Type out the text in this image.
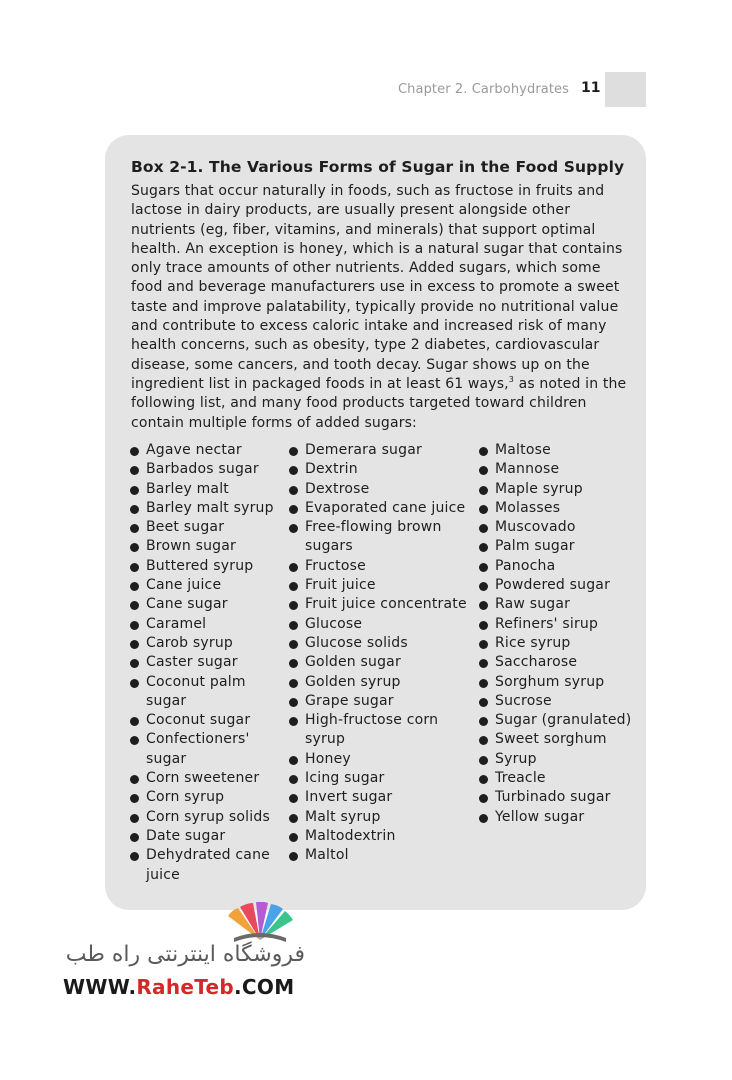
Chapter 2. Carbohydrates 11
Box 2-1. The Various Forms of Sugar in the Food Supply

Sugars that occur naturally in foods, such as fructose in fruits and lactose in dairy products, are usually present alongside other nutrients (eg, fiber, vitamins, and minerals) that support optimal health. An exception is honey, which is a natural sugar that contains only trace amounts of other nutrients. Added sugars, which some food and beverage manufacturers use in excess to promote a sweet taste and improve palatability, typically provide no nutritional value and contribute to excess caloric intake and increased risk of many health concerns, such as obesity, type 2 diabetes, cardiovascular disease, some cancers, and tooth decay. Sugar shows up on the ingredient list in packaged foods in at least 61 ways,$^3$ as noted in the following list, and many food products targeted toward children contain multiple forms of added sugars:

Agave nectar
Barbados sugar
Barley malt
Barley malt syrup
Beet sugar
Brown sugar
Buttered syrup
Cane juice
Cane sugar
Caramel
Carob syrup
Caster sugar
Coconut palm sugar
Coconut sugar
Confectioners' sugar
Corn sweetener
Corn syrup
Corn syrup solids
Date sugar
Dehydrated cane juice
Demerara sugar
Dextrin
Dextrose
Evaporated cane juice
Free-flowing brown sugars
Fructose
Fruit juice
Fruit juice concentrate
Glucose
Glucose solids
Golden sugar
Golden syrup
Grape sugar
High-fructose corn syrup
Honey
Icing sugar
Invert sugar
Malt syrup
Maltodextrin
Maltol
Maltose
Mannose
Maple syrup
Molasses
Muscovado
Palm sugar
Panocha
Powdered sugar
Raw sugar
Refiners' sirup
Rice syrup
Saccharose
Sorghum syrup
Sucrose
Sugar (granulated)
Sweet sorghum
Syrup
Treacle
Turbinado sugar
Yellow sugar
فروشگاه اینترنتی راه طب
WWW.RaheTeb.COM
